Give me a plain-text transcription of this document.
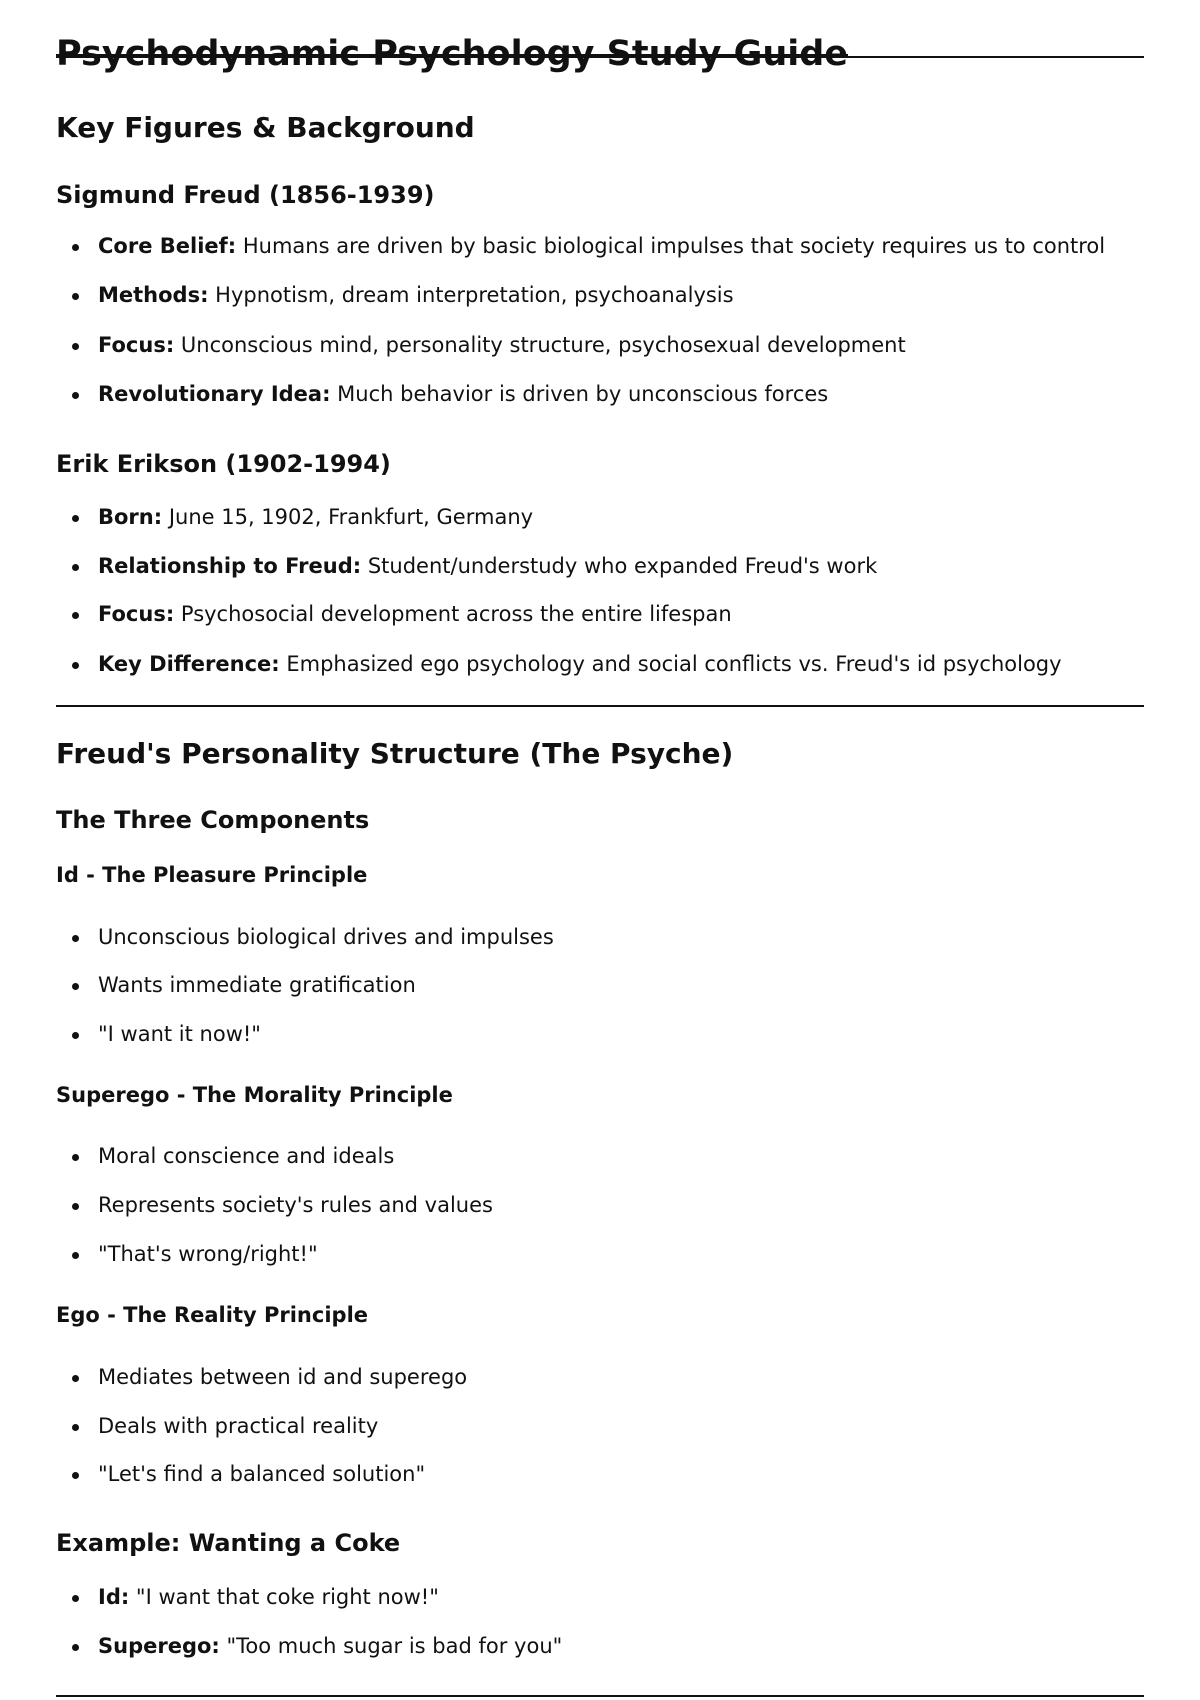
Psychodynamic Psychology Study Guide
Key Figures & Background
Sigmund Freud (1856-1939)

Core Belief: Humans are driven by basic biological impulses that society requires us to control

Methods: Hypnotism, dream interpretation, psychoanalysis

Focus: Unconscious mind, personality structure, psychosexual development

Revolutionary Idea: Much behavior is driven by unconscious forces

Erik Erikson (1902-1994)

Born: June 15, 1902, Frankfurt, Germany

Relationship to Freud: Student/understudy who expanded Freud's work

Focus: Psychosocial development across the entire lifespan

Key Difference: Emphasized ego psychology and social conflicts vs. Freud's id psychology

Freud's Personality Structure (The Psyche)
The Three Components
Id - The Pleasure Principle

Unconscious biological drives and impulses

Wants immediate gratification

"I want it now!"

Superego - The Morality Principle

Moral conscience and ideals

Represents society's rules and values

"That's wrong/right!"

Ego - The Reality Principle

Mediates between id and superego

Deals with practical reality

"Let's find a balanced solution"

Example: Wanting a Coke

Id: "I want that coke right now!"

Superego: "Too much sugar is bad for you"
